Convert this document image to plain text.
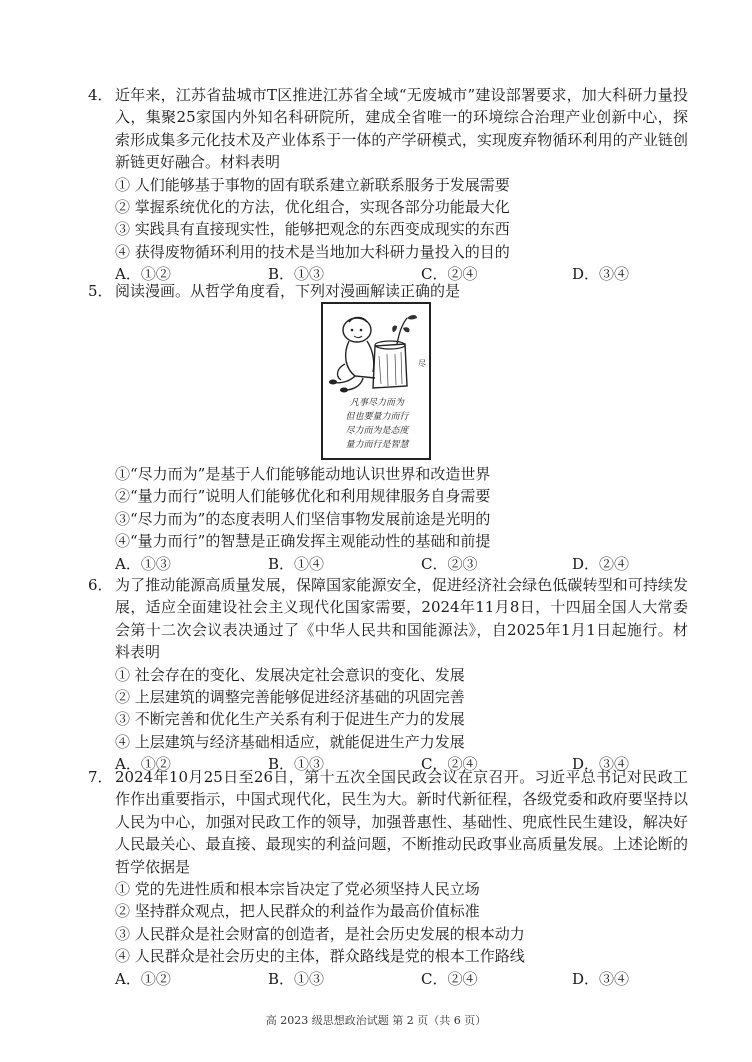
4． 近年来，江苏省盐城市T区推进江苏省全域“无废城市”建设部署要求，加大科研力量投入，集聚25家国内外知名科研院所，建成全省唯一的环境综合治理产业创新中心，探索形成集多元化技术及产业体系于一体的产学研模式，实现废弃物循环利用的产业链创新链更好融合。材料表明
① 人们能够基于事物的固有联系建立新联系服务于发展需要
② 掌握系统优化的方法，优化组合，实现各部分功能最大化
③ 实践具有直接现实性，能够把观念的东西变成现实的东西
④ 获得废物循环利用的技术是当地加大科研力量投入的目的
A．①②	B．①③	C．②④	D．③④
5． 阅读漫画。从哲学角度看，下列对漫画解读正确的是
尽
凡事尽力而为
但也要量力而行
尽力而为是态度
量力而行是智慧
①“尽力而为”是基于人们能够能动地认识世界和改造世界
②“量力而行”说明人们能够优化和利用规律服务自身需要
③“尽力而为”的态度表明人们坚信事物发展前途是光明的
④“量力而行”的智慧是正确发挥主观能动性的基础和前提
A．①③	B．①④	C．②③	D．②④
6． 为了推动能源高质量发展，保障国家能源安全，促进经济社会绿色低碳转型和可持续发展，适应全面建设社会主义现代化国家需要，2024年11月8日，十四届全国人大常委会第十二次会议表决通过了《中华人民共和国能源法》，自2025年1月1日起施行。材料表明
① 社会存在的变化、发展决定社会意识的变化、发展
② 上层建筑的调整完善能够促进经济基础的巩固完善
③ 不断完善和优化生产关系有利于促进生产力的发展
④ 上层建筑与经济基础相适应，就能促进生产力发展
A．①②	B．①③	C．②④	D．③④
7． 2024年10月25日至26日，第十五次全国民政会议在京召开。习近平总书记对民政工作作出重要指示，中国式现代化，民生为大。新时代新征程，各级党委和政府要坚持以人民为中心，加强对民政工作的领导，加强普惠性、基础性、兜底性民生建设，解决好人民最关心、最直接、最现实的利益问题，不断推动民政事业高质量发展。上述论断的哲学依据是
① 党的先进性质和根本宗旨决定了党必须坚持人民立场
② 坚持群众观点，把人民群众的利益作为最高价值标准
③ 人民群众是社会财富的创造者，是社会历史发展的根本动力
④ 人民群众是社会历史的主体，群众路线是党的根本工作路线
A．①②	B．①③	C．②④	D．③④
高 2023 级思想政治试题 第 2 页（共 6 页）
